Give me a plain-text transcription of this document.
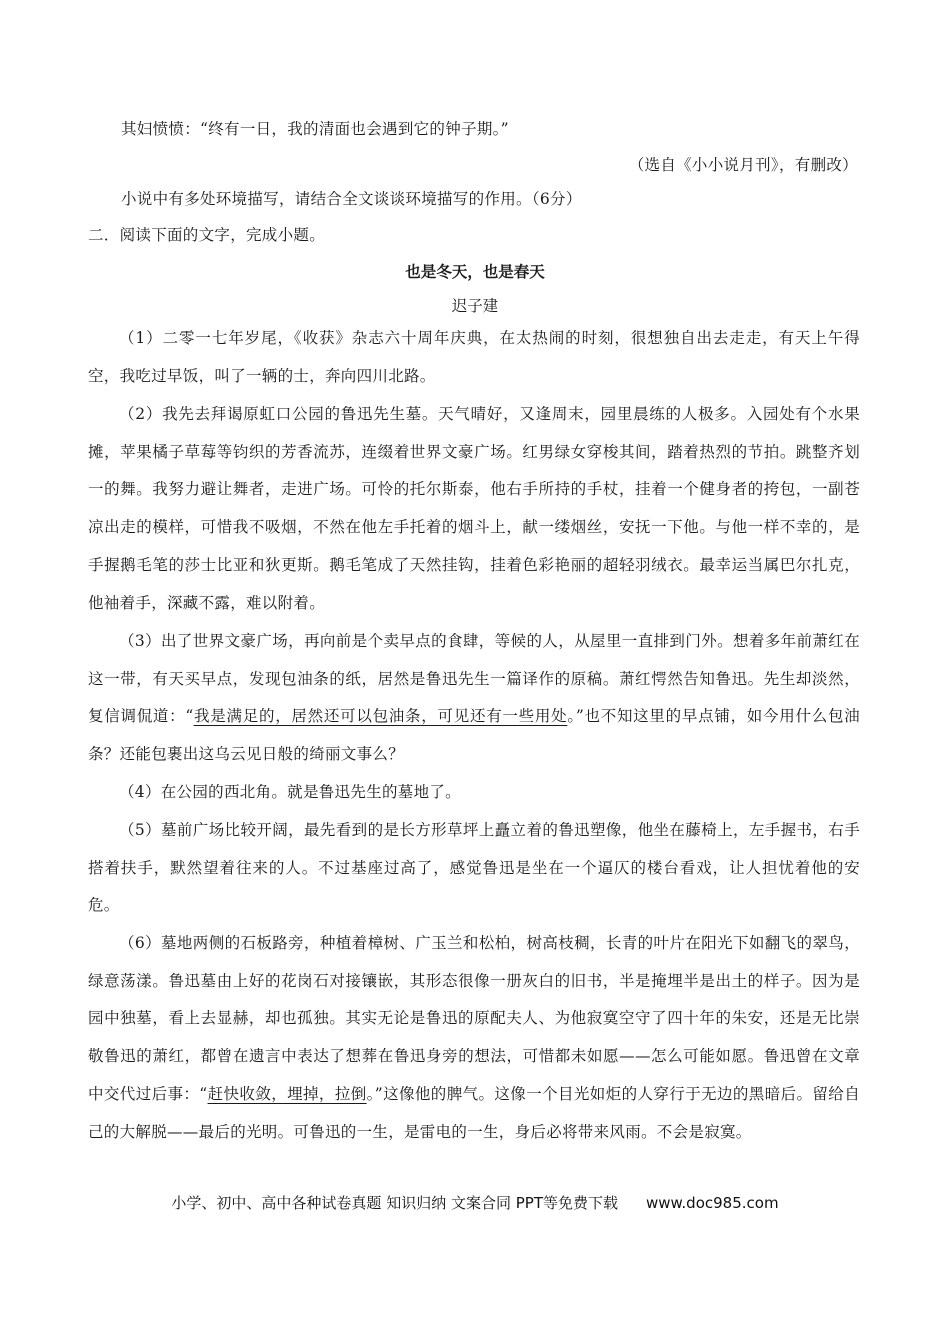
其妇愤愤：“终有一日，我的清面也会遇到它的钟子期。”
（选自《小小说月刊》，有删改）
小说中有多处环境描写，请结合全文谈谈环境描写的作用。（6分）
二．阅读下面的文字，完成小题。
也是冬天，也是春天
迟子建
（1）二零一七年岁尾，《收获》杂志六十周年庆典，在太热闹的时刻，很想独自出去走走，有天上午得空，我吃过早饭，叫了一辆的士，奔向四川北路。
（2）我先去拜谒原虹口公园的鲁迅先生墓。天气晴好，又逢周末，园里晨练的人极多。入园处有个水果摊，苹果橘子草莓等钧织的芳香流苏，连缀着世界文豪广场。红男绿女穿梭其间，踏着热烈的节拍。跳整齐划一的舞。我努力避让舞者，走进广场。可怜的托尔斯泰，他右手所持的手杖，挂着一个健身者的挎包，一副苍凉出走的模样，可惜我不吸烟，不然在他左手托着的烟斗上，献一缕烟丝，安抚一下他。与他一样不幸的，是手握鹅毛笔的莎士比亚和狄更斯。鹅毛笔成了天然挂钩，挂着色彩艳丽的超轻羽绒衣。最幸运当属巴尔扎克，他袖着手，深藏不露，难以附着。
（3）出了世界文豪广场，再向前是个卖早点的食肆，等候的人，从屋里一直排到门外。想着多年前萧红在这一带，有天买早点，发现包油条的纸，居然是鲁迅先生一篇译作的原稿。萧红愕然告知鲁迅。先生却淡然，复信调侃道：“我是满足的，居然还可以包油条，可见还有一些用处。”也不知这里的早点铺，如今用什么包油条？还能包裹出这乌云见日般的绮丽文事么？
（4）在公园的西北角。就是鲁迅先生的墓地了。
（5）墓前广场比较开阔，最先看到的是长方形草坪上矗立着的鲁迅塑像，他坐在藤椅上，左手握书，右手搭着扶手，默然望着往来的人。不过基座过高了，感觉鲁迅是坐在一个逼仄的楼台看戏，让人担忧着他的安危。
（6）墓地两侧的石板路旁，种植着樟树、广玉兰和松柏，树高枝稠，长青的叶片在阳光下如翻飞的翠鸟，绿意荡漾。鲁迅墓由上好的花岗石对接镶嵌，其形态很像一册灰白的旧书，半是掩埋半是出土的样子。因为是园中独墓，看上去显赫，却也孤独。其实无论是鲁迅的原配夫人、为他寂寞空守了四十年的朱安，还是无比崇敬鲁迅的萧红，都曾在遗言中表达了想葬在鲁迅身旁的想法，可惜都未如愿——怎么可能如愿。鲁迅曾在文章中交代过后事：“赶快收敛，埋掉，拉倒。”这像他的脾气。这像一个目光如炬的人穿行于无边的黑暗后。留给自己的大解脱——最后的光明。可鲁迅的一生，是雷电的一生，身后必将带来风雨。不会是寂寞。
小学、初中、高中各种试卷真题 知识归纳 文案合同 PPT等免费下载 www.doc985.com
